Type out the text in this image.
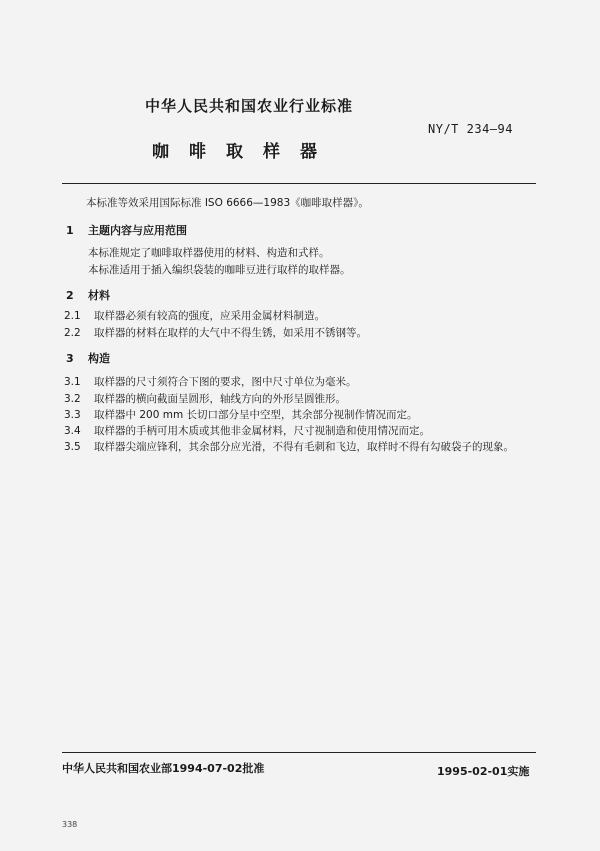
中华人民共和国农业行业标准
NY/T 234—94
咖啡取样器
本标准等效采用国际标准 ISO 6666—1983《咖啡取样器》。
1 主题内容与应用范围
本标准规定了咖啡取样器使用的材料、构造和式样。
本标准适用于插入编织袋装的咖啡豆进行取样的取样器。
2 材料
2.1 取样器必须有较高的强度，应采用金属材料制造。
2.2 取样器的材料在取样的大气中不得生锈，如采用不锈钢等。
3 构造
3.1 取样器的尺寸须符合下图的要求，图中尺寸单位为毫米。
3.2 取样器的横向截面呈圆形，轴线方向的外形呈圆锥形。
3.3 取样器中 200 mm 长切口部分呈中空型，其余部分视制作情况而定。
3.4 取样器的手柄可用木质或其他非金属材料，尺寸视制造和使用情况而定。
3.5 取样器尖端应锋利，其余部分应光滑，不得有毛刺和飞边，取样时不得有勾破袋子的现象。
中华人民共和国农业部1994-07-02批准	1995-02-01实施
338
